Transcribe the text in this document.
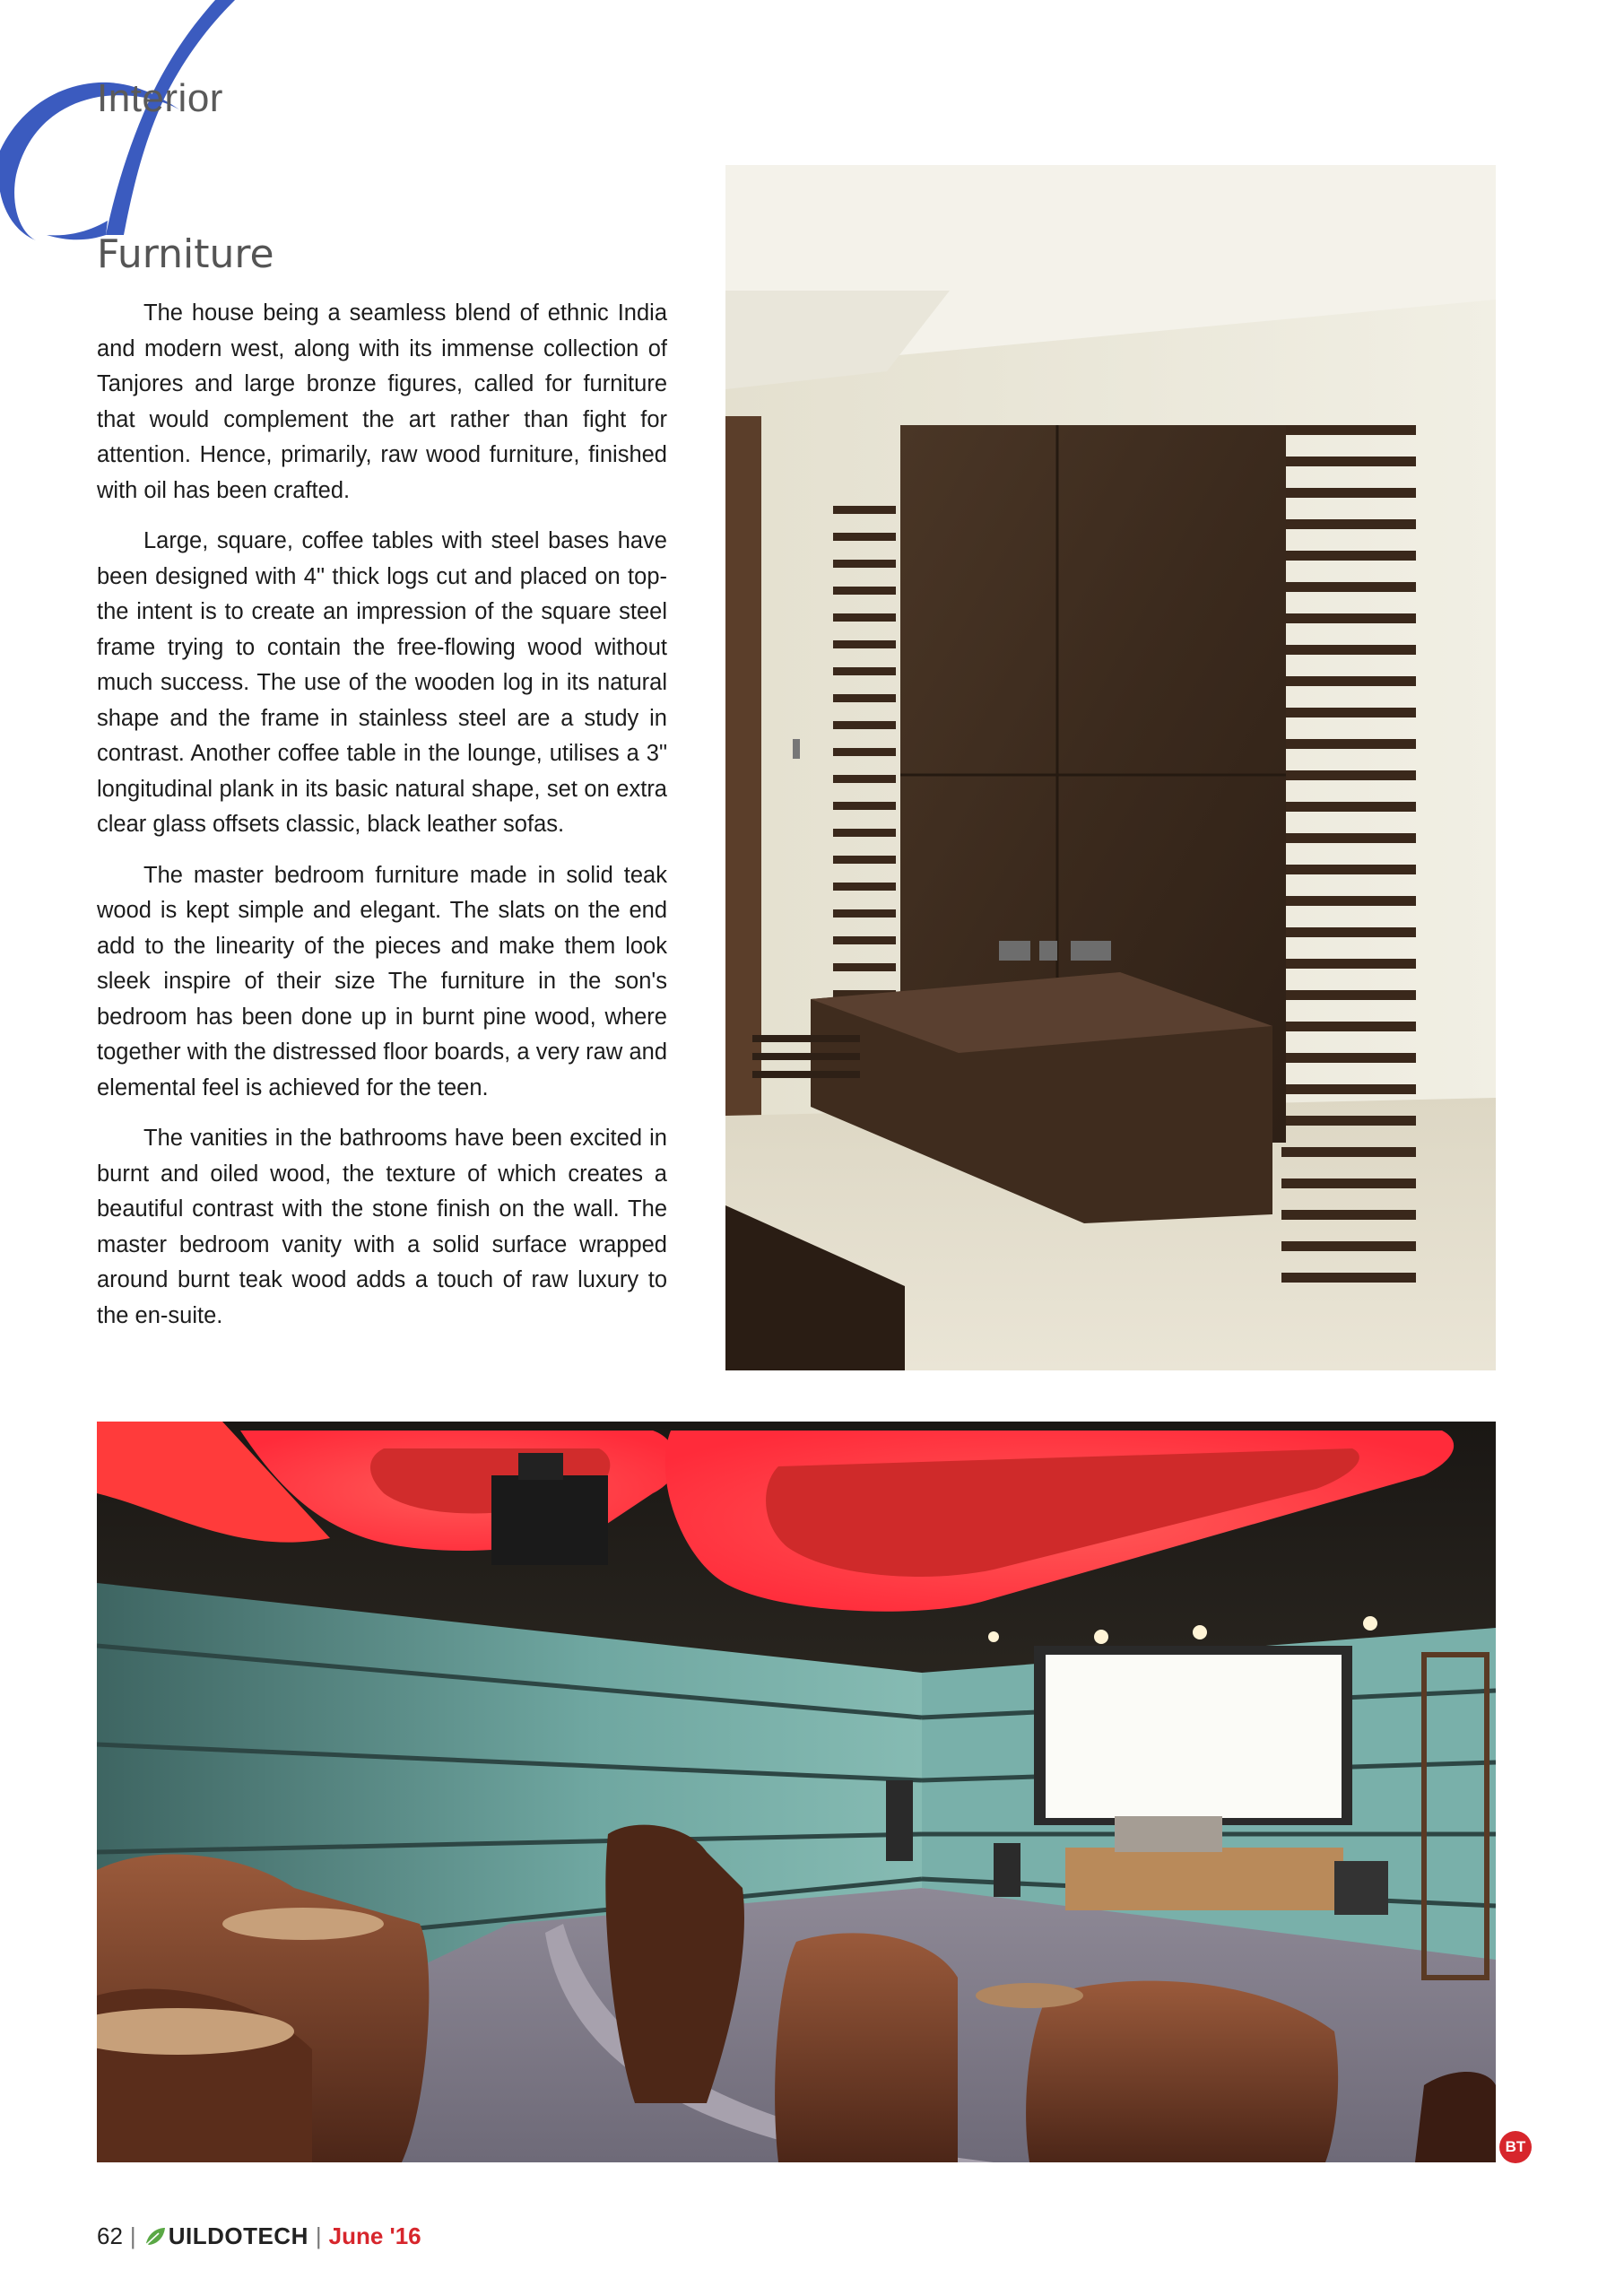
Interior
Furniture

The house being a seamless blend of ethnic India and modern west, along with its immense collection of Tanjores and large bronze figures, called for furniture that would complement the art rather than fight for attention. Hence, primarily, raw wood furniture, finished with oil has been crafted.

Large, square, coffee tables with steel bases have been designed with 4" thick logs cut and placed on top- the intent is to create an impression of the square steel frame trying to contain the free-flowing wood without much success. The use of the wooden log in its natural shape and the frame in stainless steel are a study in contrast. Another coffee table in the lounge, utilises a 3" longitudinal plank in its basic natural shape, set on extra clear glass offsets classic, black leather sofas.

The master bedroom furniture made in solid teak wood is kept simple and elegant. The slats on the end add to the linearity of the pieces and make them look sleek inspire of their size The furniture in the son's bedroom has been done up in burnt pine wood, where together with the distressed floor boards, a very raw and elemental feel is achieved for the teen.

The vanities in the bathrooms have been excited in burnt and oiled wood, the texture of which creates a beautiful contrast with the stone finish on the wall. The master bedroom vanity with a solid surface wrapped around burnt teak wood adds a touch of raw luxury to the en-suite.

BT
62 | UILDOTECH | June '16
